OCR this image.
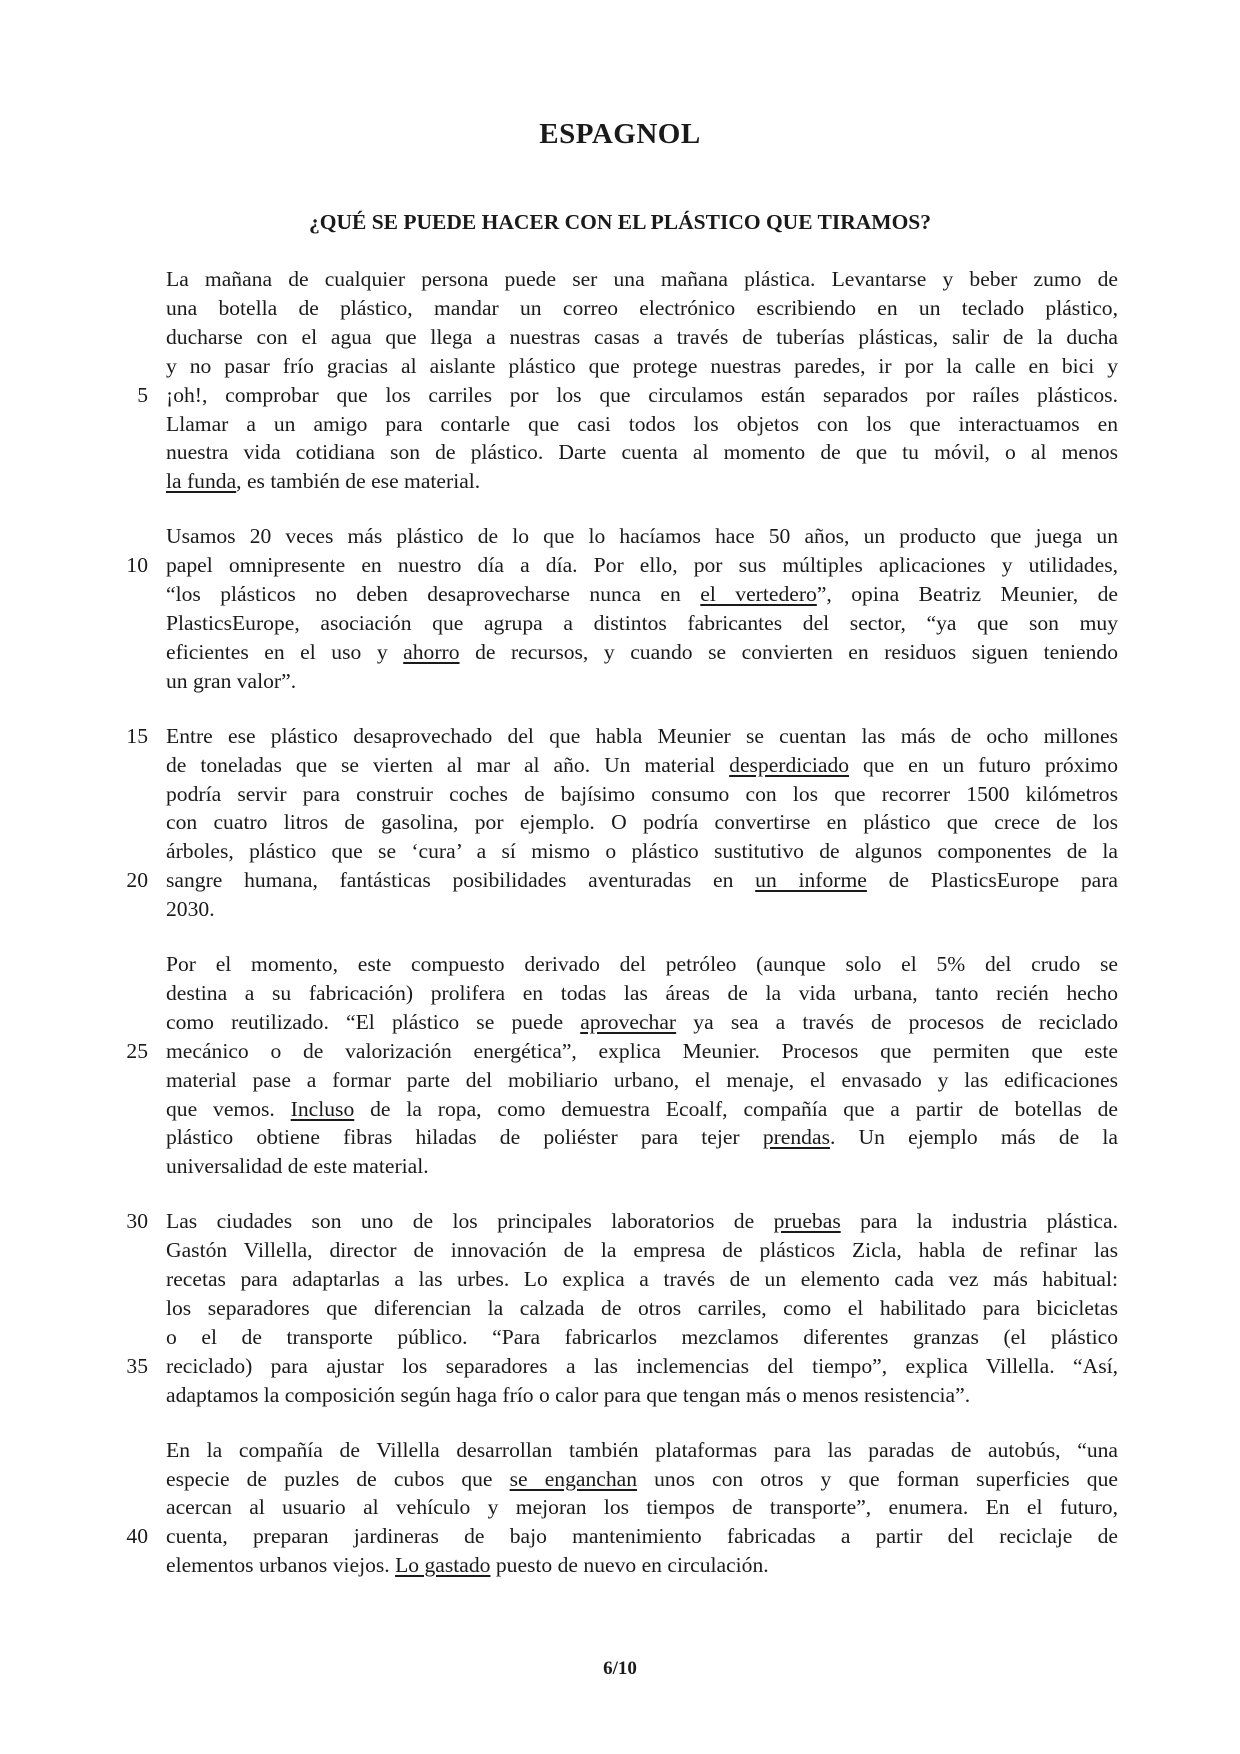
ESPAGNOL
¿QUÉ SE PUEDE HACER CON EL PLÁSTICO QUE TIRAMOS?

La mañana de cualquier persona puede ser una mañana plástica. Levantarse y beber zumo de
una botella de plástico, mandar un correo electrónico escribiendo en un teclado plástico,
ducharse con el agua que llega a nuestras casas a través de tuberías plásticas, salir de la ducha
y no pasar frío gracias al aislante plástico que protege nuestras paredes, ir por la calle en bici y
¡oh!, comprobar que los carriles por los que circulamos están separados por raíles plásticos.
Llamar a un amigo para contarle que casi todos los objetos con los que interactuamos en
nuestra vida cotidiana son de plástico. Darte cuenta al momento de que tu móvil, o al menos
la funda, es también de ese material.

Usamos 20 veces más plástico de lo que lo hacíamos hace 50 años, un producto que juega un
papel omnipresente en nuestro día a día. Por ello, por sus múltiples aplicaciones y utilidades,
“los plásticos no deben desaprovecharse nunca en el vertedero”, opina Beatriz Meunier, de
PlasticsEurope, asociación que agrupa a distintos fabricantes del sector, “ya que son muy
eficientes en el uso y ahorro de recursos, y cuando se convierten en residuos siguen teniendo
un gran valor”.

Entre ese plástico desaprovechado del que habla Meunier se cuentan las más de ocho millones
de toneladas que se vierten al mar al año. Un material desperdiciado que en un futuro próximo
podría servir para construir coches de bajísimo consumo con los que recorrer 1500 kilómetros
con cuatro litros de gasolina, por ejemplo. O podría convertirse en plástico que crece de los
árboles, plástico que se ‘cura’ a sí mismo o plástico sustitutivo de algunos componentes de la
sangre humana, fantásticas posibilidades aventuradas en un informe de PlasticsEurope para
2030.

Por el momento, este compuesto derivado del petróleo (aunque solo el 5% del crudo se
destina a su fabricación) prolifera en todas las áreas de la vida urbana, tanto recién hecho
como reutilizado. “El plástico se puede aprovechar ya sea a través de procesos de reciclado
mecánico o de valorización energética”, explica Meunier. Procesos que permiten que este
material pase a formar parte del mobiliario urbano, el menaje, el envasado y las edificaciones
que vemos. Incluso de la ropa, como demuestra Ecoalf, compañía que a partir de botellas de
plástico obtiene fibras hiladas de poliéster para tejer prendas. Un ejemplo más de la
universalidad de este material.

Las ciudades son uno de los principales laboratorios de pruebas para la industria plástica.
Gastón Villella, director de innovación de la empresa de plásticos Zicla, habla de refinar las
recetas para adaptarlas a las urbes. Lo explica a través de un elemento cada vez más habitual:
los separadores que diferencian la calzada de otros carriles, como el habilitado para bicicletas
o el de transporte público. “Para fabricarlos mezclamos diferentes granzas (el plástico
reciclado) para ajustar los separadores a las inclemencias del tiempo”, explica Villella. “Así,
adaptamos la composición según haga frío o calor para que tengan más o menos resistencia”.

En la compañía de Villella desarrollan también plataformas para las paradas de autobús, “una
especie de puzles de cubos que se enganchan unos con otros y que forman superficies que
acercan al usuario al vehículo y mejoran los tiempos de transporte”, enumera. En el futuro,
cuenta, preparan jardineras de bajo mantenimiento fabricadas a partir del reciclaje de
elementos urbanos viejos. Lo gastado puesto de nuevo en circulación.

5
10
15
20
25
30
35
40
6/10
